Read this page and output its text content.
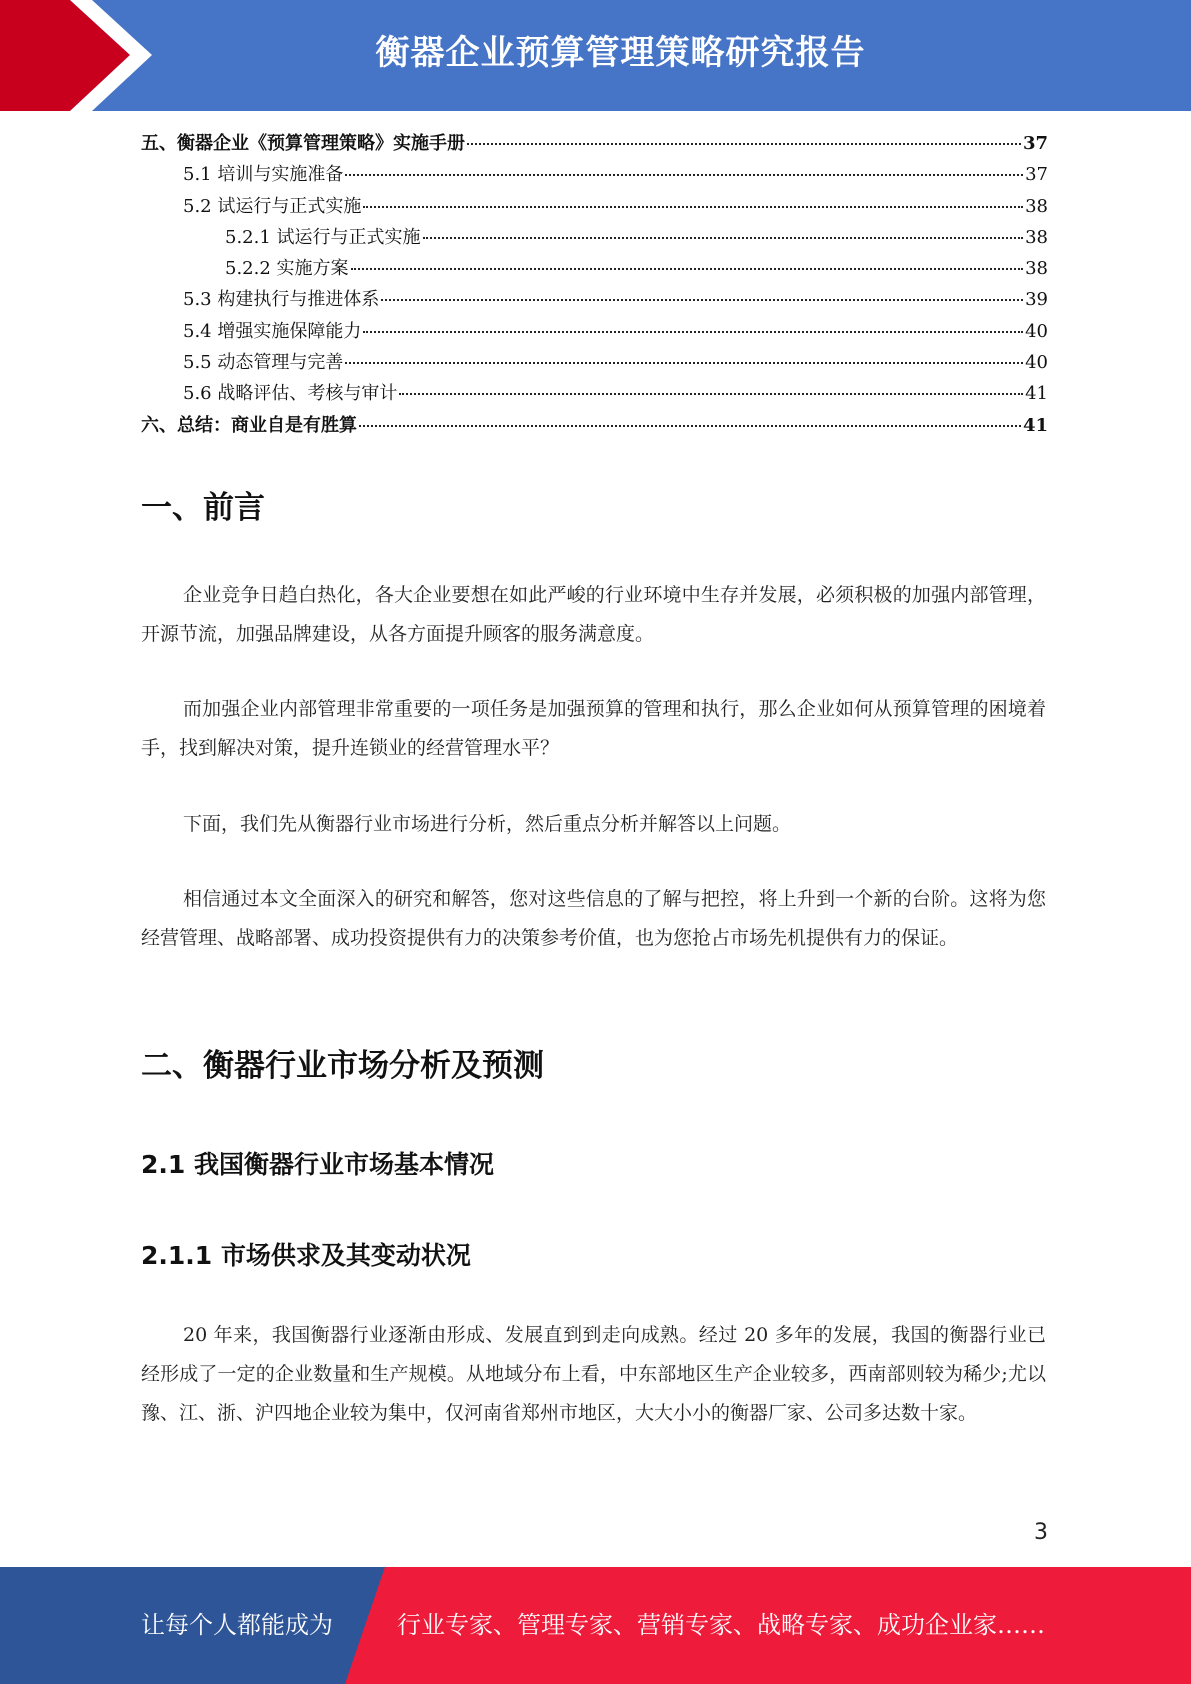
衡器企业预算管理策略研究报告
五、衡器企业《预算管理策略》实施手册	37
5.1 培训与实施准备	37
5.2 试运行与正式实施	38
5.2.1 试运行与正式实施	38
5.2.2 实施方案	38
5.3 构建执行与推进体系	39
5.4 增强实施保障能力	40
5.5 动态管理与完善	40
5.6 战略评估、考核与审计	41
六、总结：商业自是有胜算	41
一、前言

企业竞争日趋白热化，各大企业要想在如此严峻的行业环境中生存并发展，必须积极的加强内部管理，开源节流，加强品牌建设，从各方面提升顾客的服务满意度。

而加强企业内部管理非常重要的一项任务是加强预算的管理和执行，那么企业如何从预算管理的困境着手，找到解决对策，提升连锁业的经营管理水平？

下面，我们先从衡器行业市场进行分析，然后重点分析并解答以上问题。

相信通过本文全面深入的研究和解答，您对这些信息的了解与把控，将上升到一个新的台阶。这将为您经营管理、战略部署、成功投资提供有力的决策参考价值，也为您抢占市场先机提供有力的保证。

二、衡器行业市场分析及预测
2.1 我国衡器行业市场基本情况
2.1.1 市场供求及其变动状况

20 年来，我国衡器行业逐渐由形成、发展直到到走向成熟。经过 20 多年的发展，我国的衡器行业已经形成了一定的企业数量和生产规模。从地域分布上看，中东部地区生产企业较多，西南部则较为稀少;尤以豫、江、浙、沪四地企业较为集中，仅河南省郑州市地区，大大小小的衡器厂家、公司多达数十家。

3
让每个人都能成为	行业专家、管理专家、营销专家、战略专家、成功企业家……
